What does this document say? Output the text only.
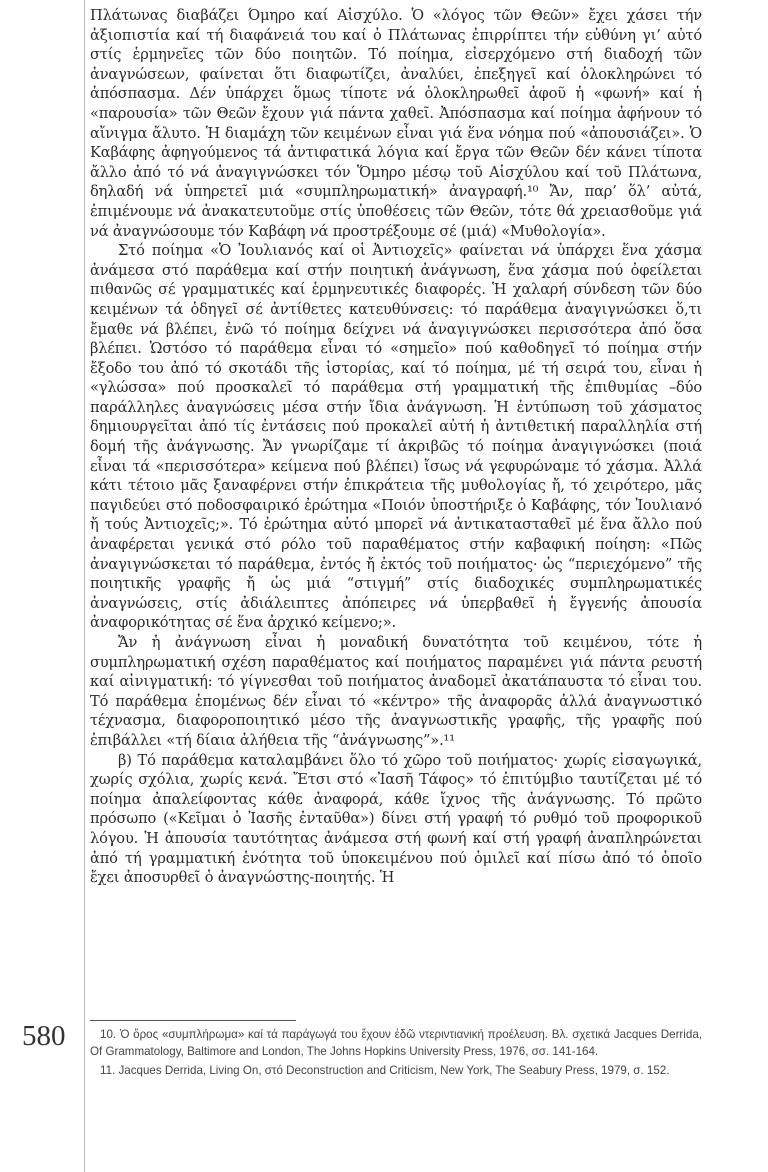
Πλάτωνας διαβάζει Όμηρο καί Αἰσχύλο. Ὁ «λόγος τῶν Θεῶν» ἔχει χάσει τήν ἀξιοπιστία καί τή διαφάνειά του καί ὁ Πλάτωνας ἐπιρρίπτει τήν εὐθύνη γι’ αὐτό στίς ἑρμηνεῖες τῶν δύο ποιητῶν. Τό ποίημα, εἰσερχόμενο στή διαδοχή τῶν ἀναγνώσεων, φαίνεται ὅτι διαφωτίζει, ἀναλύει, ἐπεξηγεῖ καί ὁλοκληρώνει τό ἀπόσπασμα. Δέν ὑπάρχει ὅμως τίποτε νά ὁλοκληρωθεῖ ἀφοῦ ἡ «φωνή» καί ἡ «παρουσία» τῶν Θεῶν ἔχουν γιά πάντα χαθεῖ. Ἀπόσπασμα καί ποίημα ἀφήνουν τό αἴνιγμα ἄλυτο. Ἡ διαμάχη τῶν κειμένων εἶναι γιά ἕνα νόημα πού «ἀπουσιάζει». Ὁ Καβάφης ἀφηγούμενος τά ἀντιφατικά λόγια καί ἔργα τῶν Θεῶν δέν κάνει τίποτα ἄλλο ἀπό τό νά ἀναγιγνώσκει τόν Ὅμηρο μέσῳ τοῦ Αἰσχύλου καί τοῦ Πλάτωνα, δηλαδή νά ὑπηρετεῖ μιά «συμπληρωματική» ἀναγραφή.¹⁰ Ἄν, παρ’ ὅλ’ αὐτά, ἐπιμένουμε νά ἀνακατευτοῦμε στίς ὑποθέσεις τῶν Θεῶν, τότε θά χρειασθοῦμε γιά νά ἀναγνώσουμε τόν Καβάφη νά προστρέξουμε σέ (μιά) «Μυθολογία».

Στό ποίημα «Ὁ Ἰουλιανός καί οἱ Ἀντιοχεῖς» φαίνεται νά ὑπάρχει ἕνα χάσμα ἀνάμεσα στό παράθεμα καί στήν ποιητική ἀνάγνωση, ἕνα χάσμα πού ὀφείλεται πιθανῶς σέ γραμματικές καί ἑρμηνευτικές διαφορές. Ἡ χαλαρή σύνδεση τῶν δύο κειμένων τά ὁδηγεῖ σέ ἀντίθετες κατευθύνσεις: τό παράθεμα ἀναγιγνώσκει ὅ,τι ἔμαθε νά βλέπει, ἐνῶ τό ποίημα δείχνει νά ἀναγιγνώσκει περισσότερα ἀπό ὅσα βλέπει. Ὡστόσο τό παράθεμα εἶναι τό «σημεῖο» πού καθοδηγεῖ τό ποίημα στήν ἔξοδο του ἀπό τό σκοτάδι τῆς ἱστορίας, καί τό ποίημα, μέ τή σειρά του, εἶναι ἡ «γλώσσα» πού προσκαλεῖ τό παράθεμα στή γραμματική τῆς ἐπιθυμίας –δύο παράλληλες ἀναγνώσεις μέσα στήν ἴδια ἀνάγνωση. Ἡ ἐντύπωση τοῦ χάσματος δημιουργεῖται ἀπό τίς ἐντάσεις πού προκαλεῖ αὐτή ἡ ἀντιθετική παραλληλία στή δομή τῆς ἀνάγνωσης. Ἄν γνωρίζαμε τί ἀκριβῶς τό ποίημα ἀναγιγνώσκει (ποιά εἶναι τά «περισσότερα» κείμενα πού βλέπει) ἴσως νά γεφυρώναμε τό χάσμα. Ἀλλά κάτι τέτοιο μᾶς ξαναφέρνει στήν ἐπικράτεια τῆς μυθολογίας ἤ, τό χειρότερο, μᾶς παγιδεύει στό ποδοσφαιρικό ἐρώτημα «Ποιόν ὑποστήριξε ὁ Καβάφης, τόν Ἰουλιανό ἤ τούς Ἀντιοχεῖς;». Τό ἐρώτημα αὐτό μπορεῖ νά ἀντικατασταθεῖ μέ ἕνα ἄλλο πού ἀναφέρεται γενικά στό ρόλο τοῦ παραθέματος στήν καβαφική ποίηση: «Πῶς ἀναγιγνώσκεται τό παράθεμα, ἐντός ἤ ἐκτός τοῦ ποιήματος· ὡς “περιεχόμενο” τῆς ποιητικῆς γραφῆς ἤ ὡς μιά “στιγμή” στίς διαδοχικές συμπληρωματικές ἀναγνώσεις, στίς ἀδιάλειπτες ἀπόπειρες νά ὑπερβαθεῖ ἡ ἔγγενής ἀπουσία ἀναφορικότητας σέ ἕνα ἀρχικό κείμενο;».

Ἄν ἡ ἀνάγνωση εἶναι ἡ μοναδική δυνατότητα τοῦ κειμένου, τότε ἡ συμπληρωματική σχέση παραθέματος καί ποιήματος παραμένει γιά πάντα ρευστή καί αἰνιγματική: τό γίγνεσθαι τοῦ ποιήματος ἀναδομεῖ ἀκατάπαυστα τό εἶναι του. Τό παράθεμα ἑπομένως δέν εἶναι τό «κέντρο» τῆς ἀναφορᾶς ἀλλά ἀναγνωστικό τέχνασμα, διαφοροποιητικό μέσο τῆς ἀναγνωστικῆς γραφῆς, τῆς γραφῆς πού ἐπιβάλλει «τή δίαια ἀλήθεια τῆς “ἀνάγνωσης”».¹¹

β) Τό παράθεμα καταλαμβάνει ὅλο τό χῶρο τοῦ ποιήματος· χωρίς εἰσαγωγικά, χωρίς σχόλια, χωρίς κενά. Ἔτσι στό «Ἰασῆ Τάφος» τό ἐπιτύμβιο ταυτίζεται μέ τό ποίημα ἀπαλείφοντας κάθε ἀναφορά, κάθε ἴχνος τῆς ἀνάγνωσης. Τό πρῶτο πρόσωπο («Κεῖμαι ὁ Ἰασῆς ἐνταῦθα») δίνει στή γραφή τό ρυθμό τοῦ προφορικοῦ λόγου. Ἡ ἀπουσία ταυτότητας ἀνάμεσα στή φωνή καί στή γραφή ἀναπληρώνεται ἀπό τή γραμματική ἑνότητα τοῦ ὑποκειμένου πού ὁμιλεῖ καί πίσω ἀπό τό ὁποῖο ἔχει ἀποσυρθεῖ ὁ ἀναγνώστης-ποιητής. Ἡ

580	10. Ὁ ὅρος «συμπλήρωμα» καί τά παράγωγά του ἔχουν ἐδῶ ντεριντιανική προέλευση. Βλ. σχετικά Jacques Derrida, Of Grammatology, Baltimore and London, The Johns Hopkins University Press, 1976, σσ. 141-164.

11. Jacques Derrida, Living On, στό Deconstruction and Criticism, New York, The Seabury Press, 1979, σ. 152.
